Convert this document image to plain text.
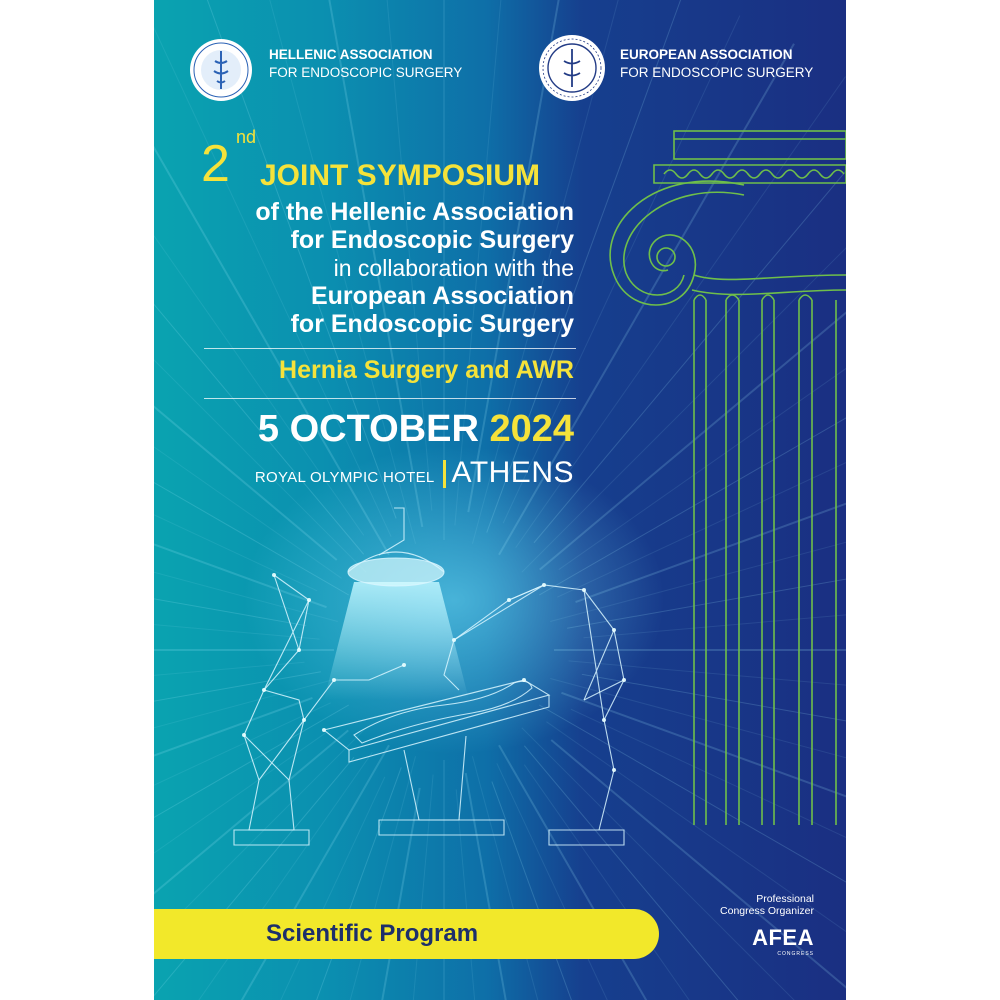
HELLENIC ASSOCIATION
FOR ENDOSCOPIC SURGERY
EUROPEAN ASSOCIATION
FOR ENDOSCOPIC SURGERY
2 nd
JOINT SYMPOSIUM
of the Hellenic Association
for Endoscopic Surgery
in collaboration with the
European Association
for Endoscopic Surgery
Hernia Surgery and AWR
5 OCTOBER 2024
ROYAL OLYMPIC HOTEL ATHENS
Scientific Program
Professional
Congress Organizer
AFEA
CONGRESS
